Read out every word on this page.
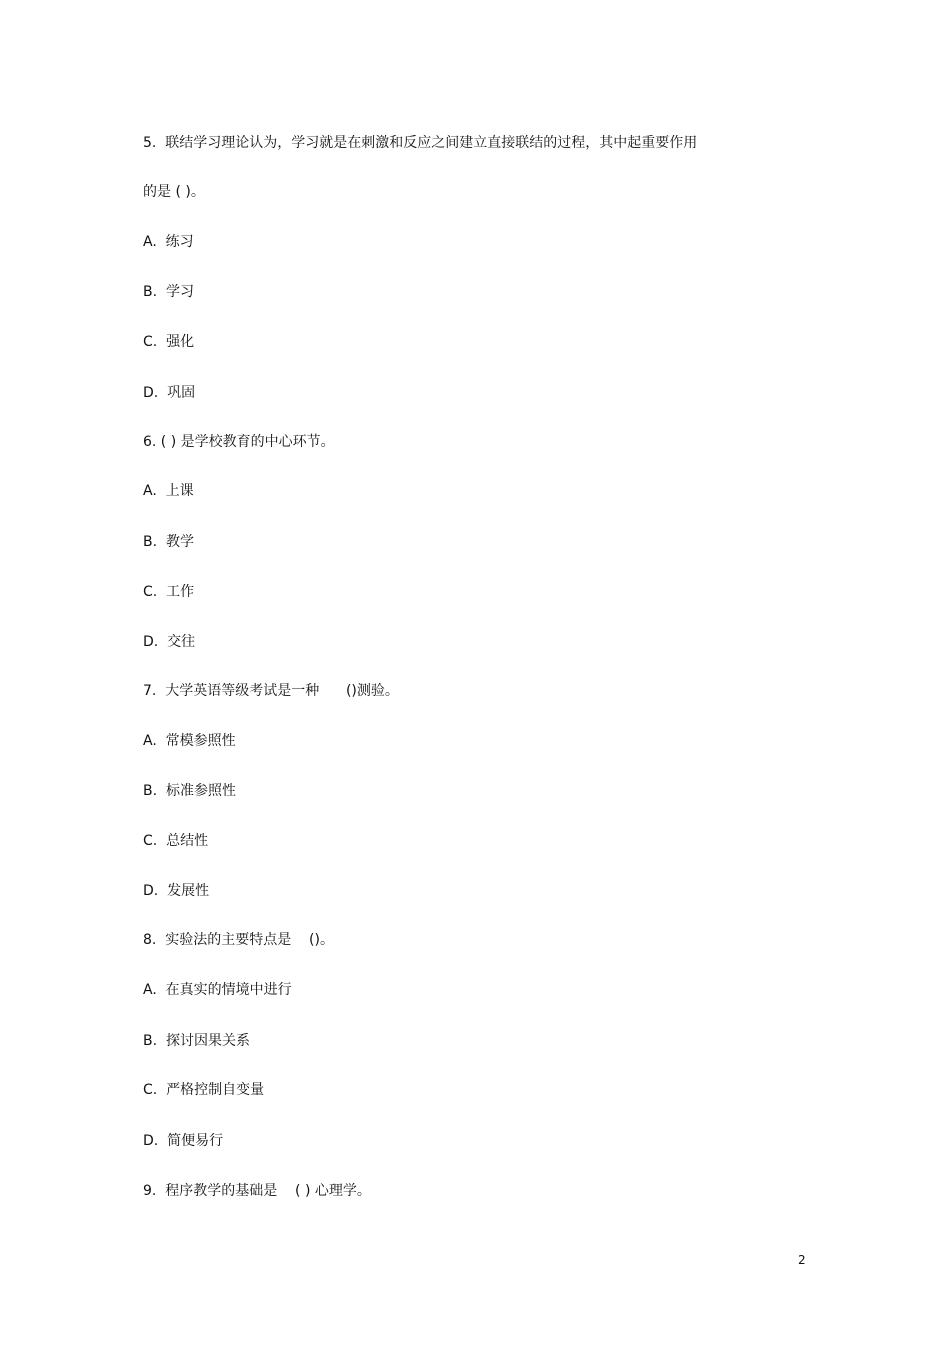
5.  联结学习理论认为，学习就是在刺激和反应之间建立直接联结的过程，其中起重要作用

的是 ( )。

A.  练习

B.  学习

C.  强化

D.  巩固

6. ( ) 是学校教育的中心环节。

A.  上课

B.  教学

C.  工作

D.  交往

7.  大学英语等级考试是一种      ()测验。

A.  常模参照性

B.  标准参照性

C.  总结性

D.  发展性

8.  实验法的主要特点是    ()。

A.  在真实的情境中进行

B.  探讨因果关系

C.  严格控制自变量

D.  简便易行

9.  程序教学的基础是    ( ) 心理学。

2
